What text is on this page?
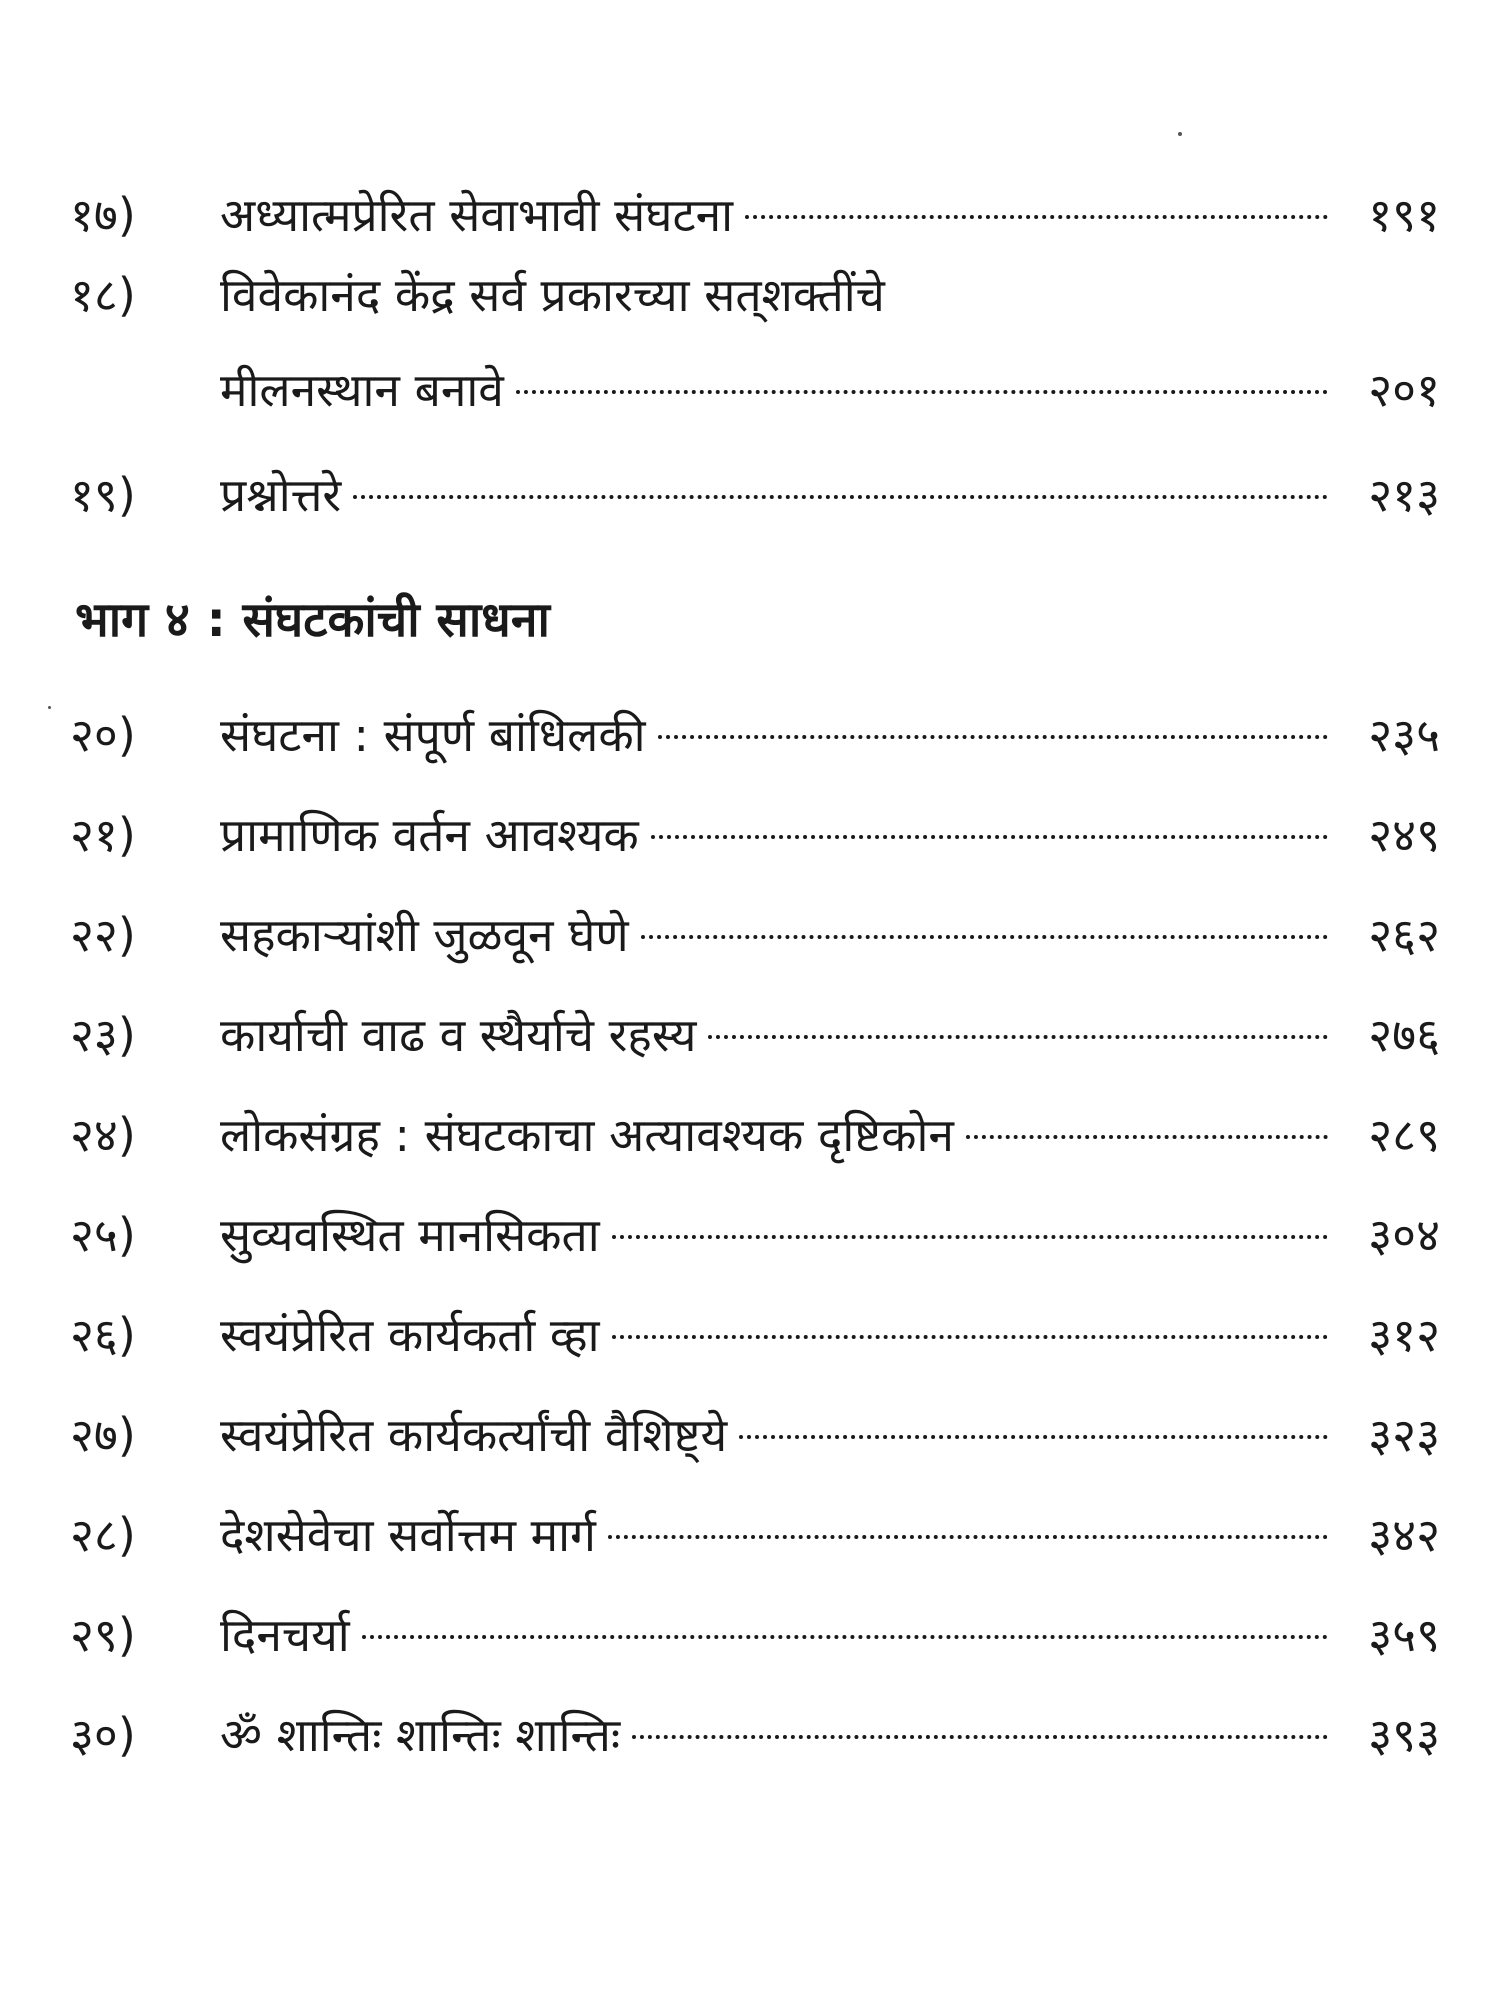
१७)	अध्यात्मप्रेरित सेवाभावी संघटना	१९१
१८)	विवेकानंद केंद्र सर्व प्रकारच्या सत्‌शक्तींचे
मीलनस्थान बनावे	२०१
१९)	प्रश्नोत्तरे	२१३
भाग ४ : संघटकांची साधना
२०)	संघटना : संपूर्ण बांधिलकी	२३५
२१)	प्रामाणिक वर्तन आवश्यक	२४९
२२)	सहकाऱ्यांशी जुळवून घेणे	२६२
२३)	कार्याची वाढ व स्थैर्याचे रहस्य	२७६
२४)	लोकसंग्रह : संघटकाचा अत्यावश्यक दृष्टिकोन	२८९
२५)	सुव्यवस्थित मानसिकता	३०४
२६)	स्वयंप्रेरित कार्यकर्ता व्हा	३१२
२७)	स्वयंप्रेरित कार्यकर्त्यांची वैशिष्ट्ये	३२३
२८)	देशसेवेचा सर्वोत्तम मार्ग	३४२
२९)	दिनचर्या	३५९
३०)	ॐ शान्तिः शान्तिः शान्तिः	३९३
